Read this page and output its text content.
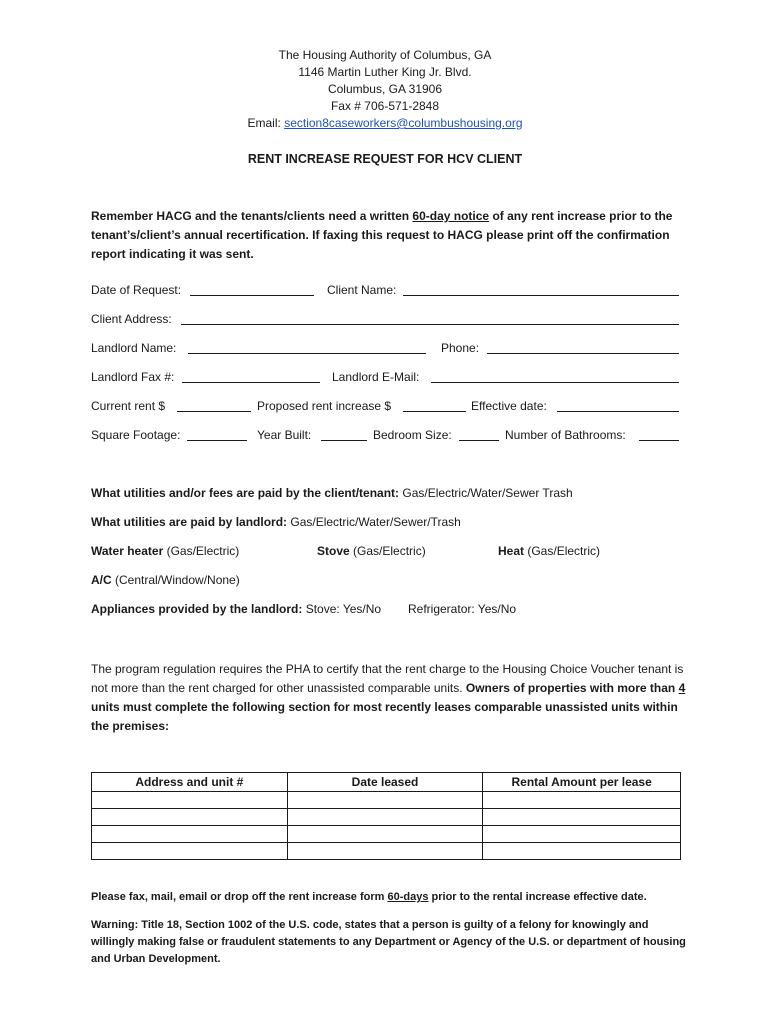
The Housing Authority of Columbus, GA
1146 Martin Luther King Jr. Blvd.
Columbus, GA 31906
Fax # 706-571-2848
Email: section8caseworkers@columbushousing.org
RENT INCREASE REQUEST FOR HCV CLIENT
Remember HACG and the tenants/clients need a written 60-day notice of any rent increase prior to the tenant’s/client’s annual recertification. If faxing this request to HACG please print off the confirmation report indicating it was sent.
Date of Request:	Client Name:
Client Address:
Landlord Name:	Phone:
Landlord Fax #:	Landlord E-Mail:
Current rent $	Proposed rent increase $	Effective date:
Square Footage:	Year Built:	Bedroom Size:	Number of Bathrooms:
What utilities and/or fees are paid by the client/tenant: Gas/Electric/Water/Sewer Trash
What utilities are paid by landlord: Gas/Electric/Water/Sewer/Trash
Water heater (Gas/Electric)	Stove (Gas/Electric)	Heat (Gas/Electric)
A/C (Central/Window/None)
Appliances provided by the landlord: Stove: Yes/No Refrigerator: Yes/No
The program regulation requires the PHA to certify that the rent charge to the Housing Choice Voucher tenant is not more than the rent charged for other unassisted comparable units. Owners of properties with more than 4 units must complete the following section for most recently leases comparable unassisted units within the premises:
Address and unit #	Date leased	Rental Amount per lease

Please fax, mail, email or drop off the rent increase form 60-days prior to the rental increase effective date.
Warning: Title 18, Section 1002 of the U.S. code, states that a person is guilty of a felony for knowingly and willingly making false or fraudulent statements to any Department or Agency of the U.S. or department of housing and Urban Development.
